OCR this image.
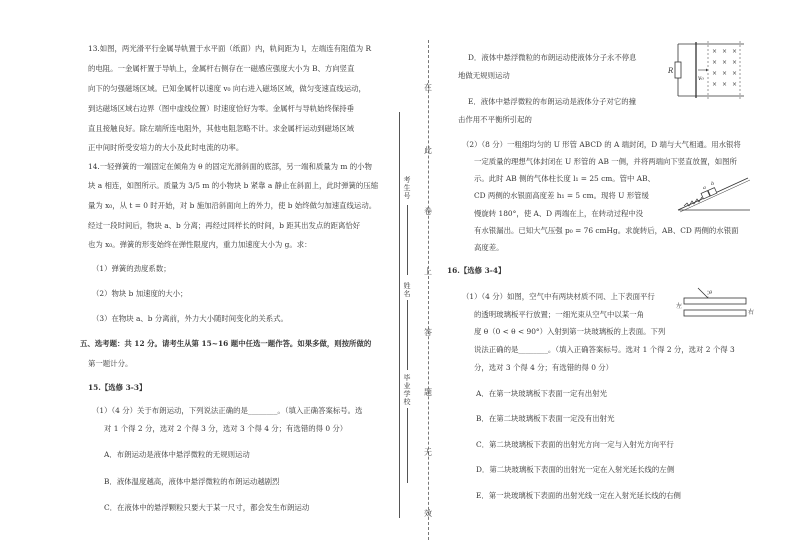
13.如图，两光滑平行金属导轨置于水平面（纸面）内，轨间距为 l，左端连有阻值为 R
的电阻。一金属杆置于导轨上，金属杆右侧存在一磁感应强度大小为 B、方向竖直
向下的匀强磁场区域。已知金属杆以速度 v₀ 向右进入磁场区域，做匀变速直线运动，
到达磁场区域右边界（图中虚线位置）时速度恰好为零。金属杆与导轨始终保持垂
直且接触良好。除左端所连电阻外，其他电阻忽略不计。求金属杆运动到磁场区域
正中间时所受安培力的大小及此时电流的功率。
14.一轻弹簧的一端固定在倾角为 θ 的固定光滑斜面的底部，另一端和质量为 m 的小物
块 a 相连，如图所示。质量为 3/5 m 的小物块 b 紧靠 a 静止在斜面上，此时弹簧的压缩
量为 x₀，从 t = 0 时开始，对 b 施加沿斜面向上的外力，使 b 始终做匀加速直线运动。
经过一段时间后，物块 a、b 分离；再经过同样长的时间，b 距其出发点的距离恰好
也为 x₀。弹簧的形变始终在弹性限度内，重力加速度大小为 g。求：
（1）弹簧的劲度系数；
（2）物块 b 加速度的大小；
（3）在物块 a、b 分离前，外力大小随时间变化的关系式。
五、选考题：共 12 分。请考生从第 15~16 题中任选一题作答。如果多做，则按所做的
第一题计分。
15.【选修 3-3】
（1）（4 分）关于布朗运动，下列说法正确的是________。（填入正确答案标号。选
对 1 个得 2 分，选对 2 个得 3 分，选对 3 个得 4 分；有选错的得 0 分）
A．布朗运动是液体中悬浮微粒的无规则运动
B．液体温度越高，液体中悬浮微粒的布朗运动越剧烈
C．在液体中的悬浮颗粒只要大于某一尺寸，都会发生布朗运动
考生号
姓名
毕业学校
在
此
卷
上
答
题
无
效
D．液体中悬浮微粒的布朗运动使液体分子永不停息
地做无规则运动
E．液体中悬浮微粒的布朗运动是液体分子对它的撞
击作用不平衡所引起的
（2）（8 分）一粗细均匀的 U 形管 ABCD 的 A 端封闭，D 端与大气相通。用水银将
一定质量的理想气体封闭在 U 形管的 AB 一侧，并将两端向下竖直放置，如图所
示。此时 AB 侧的气体柱长度 l₁ = 25 cm。管中 AB、
CD 两侧的水银面高度差 h₁ = 5 cm。现将 U 形管缓
慢旋转 180°，使 A、D 两端在上，在转动过程中没
有水银漏出。已知大气压强 p₀ = 76 cmHg。求旋转后，AB、CD 两侧的水银面
高度差。
16.【选修 3-4】
（1）（4 分）如图，空气中有两块材质不同、上下表面平行
的透明玻璃板平行放置；一细光束从空气中以某一角
度 θ（0 < θ < 90°）入射到第一块玻璃板的上表面。下列
说法正确的是________。（填入正确答案标号。选对 1 个得 2 分，选对 2 个得 3
分，选对 3 个得 4 分；有选错的得 0 分）
A．在第一块玻璃板下表面一定有出射光
B．在第二块玻璃板下表面一定没有出射光
C．第二块玻璃板下表面的出射光方向一定与入射光方向平行
D．第二块玻璃板下表面的出射光一定在入射光延长线的左侧
E．第一块玻璃板下表面的出射光线一定在入射光延长线的右侧
× × ×
× × ×
× × ×
× × ×
R
v₀
a
b
θ
左
右
